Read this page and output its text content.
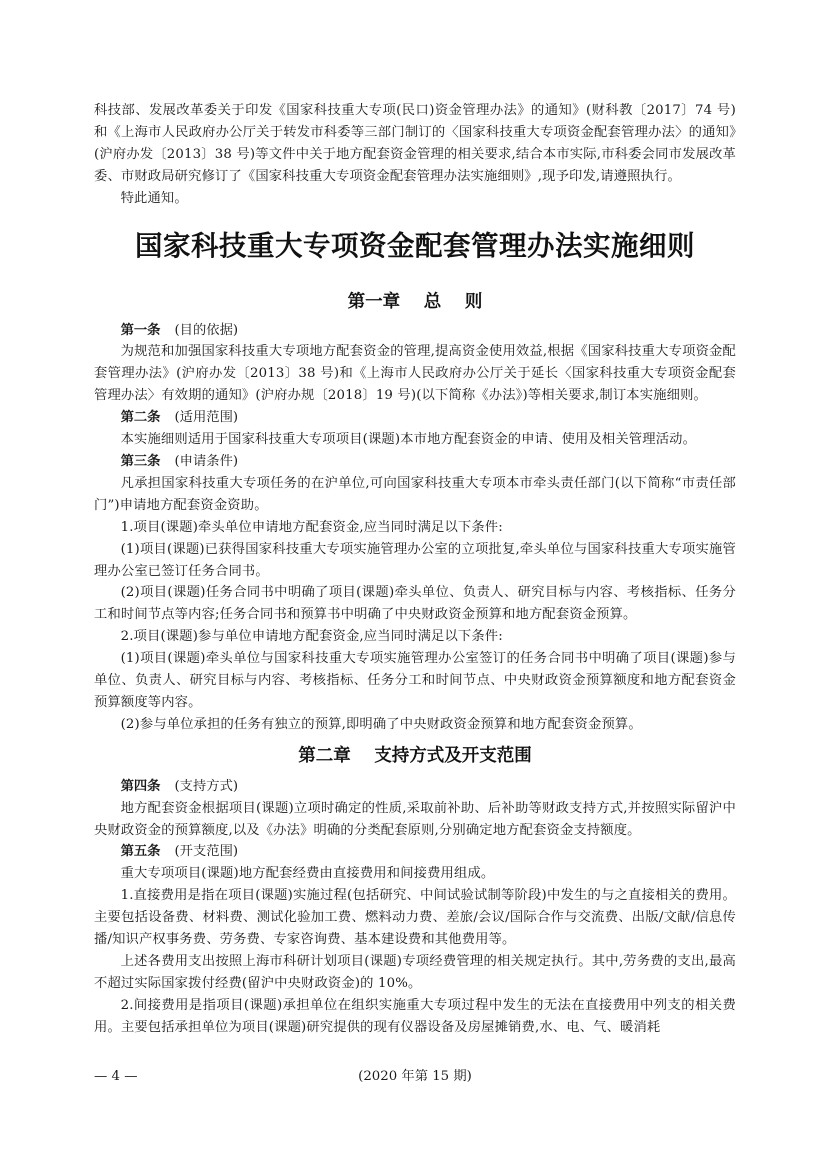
科技部、发展改革委关于印发《国家科技重大专项(民口)资金管理办法》的通知》(财科教〔2017〕74 号)和《上海市人民政府办公厅关于转发市科委等三部门制订的〈国家科技重大专项资金配套管理办法〉的通知》(沪府办发〔2013〕38 号)等文件中关于地方配套资金管理的相关要求,结合本市实际,市科委会同市发展改革委、市财政局研究修订了《国家科技重大专项资金配套管理办法实施细则》,现予印发,请遵照执行。

特此通知。

国家科技重大专项资金配套管理办法实施细则
第一章　 总　 则
第一条 (目的依据)

为规范和加强国家科技重大专项地方配套资金的管理,提高资金使用效益,根据《国家科技重大专项资金配套管理办法》(沪府办发〔2013〕38 号)和《上海市人民政府办公厅关于延长〈国家科技重大专项资金配套管理办法〉有效期的通知》(沪府办规〔2018〕19 号)(以下简称《办法》)等相关要求,制订本实施细则。

第二条 (适用范围)

本实施细则适用于国家科技重大专项项目(课题)本市地方配套资金的申请、使用及相关管理活动。

第三条 (申请条件)

凡承担国家科技重大专项任务的在沪单位,可向国家科技重大专项本市牵头责任部门(以下简称“市责任部门”)申请地方配套资金资助。

1.项目(课题)牵头单位申请地方配套资金,应当同时满足以下条件:

(1)项目(课题)已获得国家科技重大专项实施管理办公室的立项批复,牵头单位与国家科技重大专项实施管理办公室已签订任务合同书。

(2)项目(课题)任务合同书中明确了项目(课题)牵头单位、负责人、研究目标与内容、考核指标、任务分工和时间节点等内容;任务合同书和预算书中明确了中央财政资金预算和地方配套资金预算。

2.项目(课题)参与单位申请地方配套资金,应当同时满足以下条件:

(1)项目(课题)牵头单位与国家科技重大专项实施管理办公室签订的任务合同书中明确了项目(课题)参与单位、负责人、研究目标与内容、考核指标、任务分工和时间节点、中央财政资金预算额度和地方配套资金预算额度等内容。

(2)参与单位承担的任务有独立的预算,即明确了中央财政资金预算和地方配套资金预算。

第二章　 支持方式及开支范围
第四条 (支持方式)

地方配套资金根据项目(课题)立项时确定的性质,采取前补助、后补助等财政支持方式,并按照实际留沪中央财政资金的预算额度,以及《办法》明确的分类配套原则,分别确定地方配套资金支持额度。

第五条 (开支范围)

重大专项项目(课题)地方配套经费由直接费用和间接费用组成。

1.直接费用是指在项目(课题)实施过程(包括研究、中间试验试制等阶段)中发生的与之直接相关的费用。主要包括设备费、材料费、测试化验加工费、燃料动力费、差旅/会议/国际合作与交流费、出版/文献/信息传播/知识产权事务费、劳务费、专家咨询费、基本建设费和其他费用等。

上述各费用支出按照上海市科研计划项目(课题)专项经费管理的相关规定执行。其中,劳务费的支出,最高不超过实际国家拨付经费(留沪中央财政资金)的 10%。

2.间接费用是指项目(课题)承担单位在组织实施重大专项过程中发生的无法在直接费用中列支的相关费用。主要包括承担单位为项目(课题)研究提供的现有仪器设备及房屋摊销费,水、电、气、暖消耗

— 4 —	(2020 年第 15 期)
